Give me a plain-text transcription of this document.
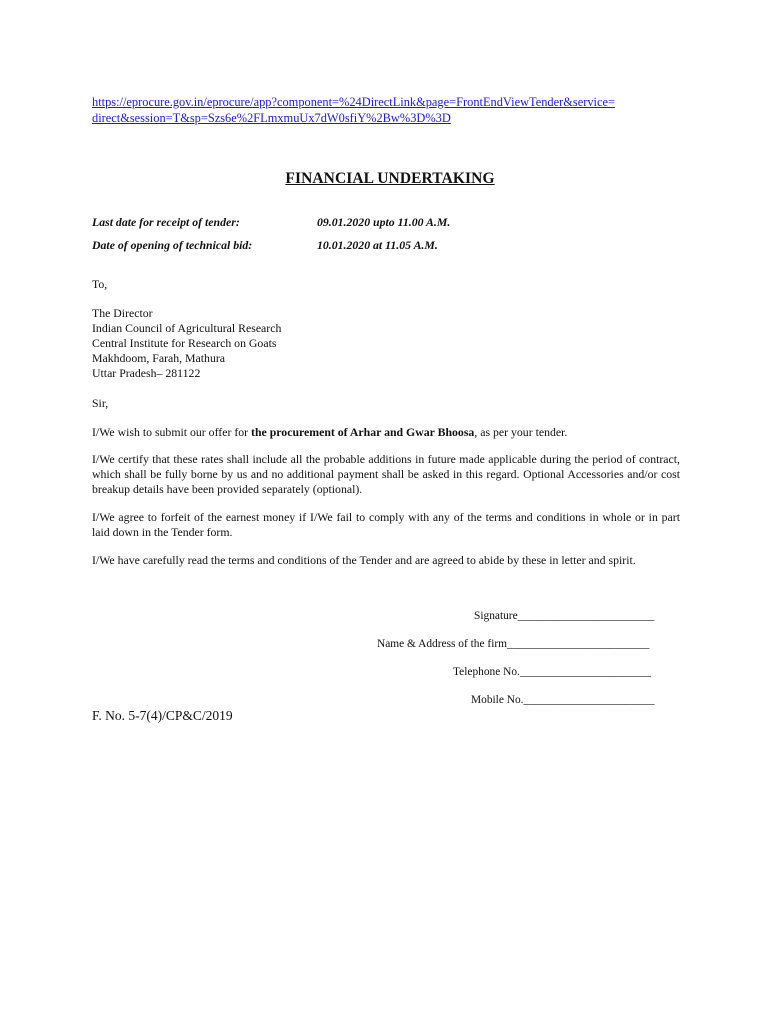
https://eprocure.gov.in/eprocure/app?component=%24DirectLink&page=FrontEndViewTender&service=
direct&session=T&sp=Szs6e%2FLmxmuUx7dW0sfiY%2Bw%3D%3D
FINANCIAL UNDERTAKING
Last date for receipt of tender:	09.01.2020 upto 11.00 A.M.
Date of opening of technical bid:	10.01.2020 at 11.05 A.M.
To,
The Director
Indian Council of Agricultural Research
Central Institute for Research on Goats
Makhdoom, Farah, Mathura
Uttar Pradesh– 281122
Sir,
I/We wish to submit our offer for the procurement of Arhar and Gwar Bhoosa, as per your tender.
I/We certify that these rates shall include all the probable additions in future made applicable during the period of contract, which shall be fully borne by us and no additional payment shall be asked in this regard. Optional Accessories and/or cost breakup details have been provided separately (optional).
I/We agree to forfeit of the earnest money if I/We fail to comply with any of the terms and conditions in whole or in part laid down in the Tender form.
I/We have carefully read the terms and conditions of the Tender and are agreed to abide by these in letter and spirit.
Signature________________________
Name & Address of the firm_________________________
Telephone No._______________________
Mobile No._______________________
F. No. 5-7(4)/CP&C/2019
